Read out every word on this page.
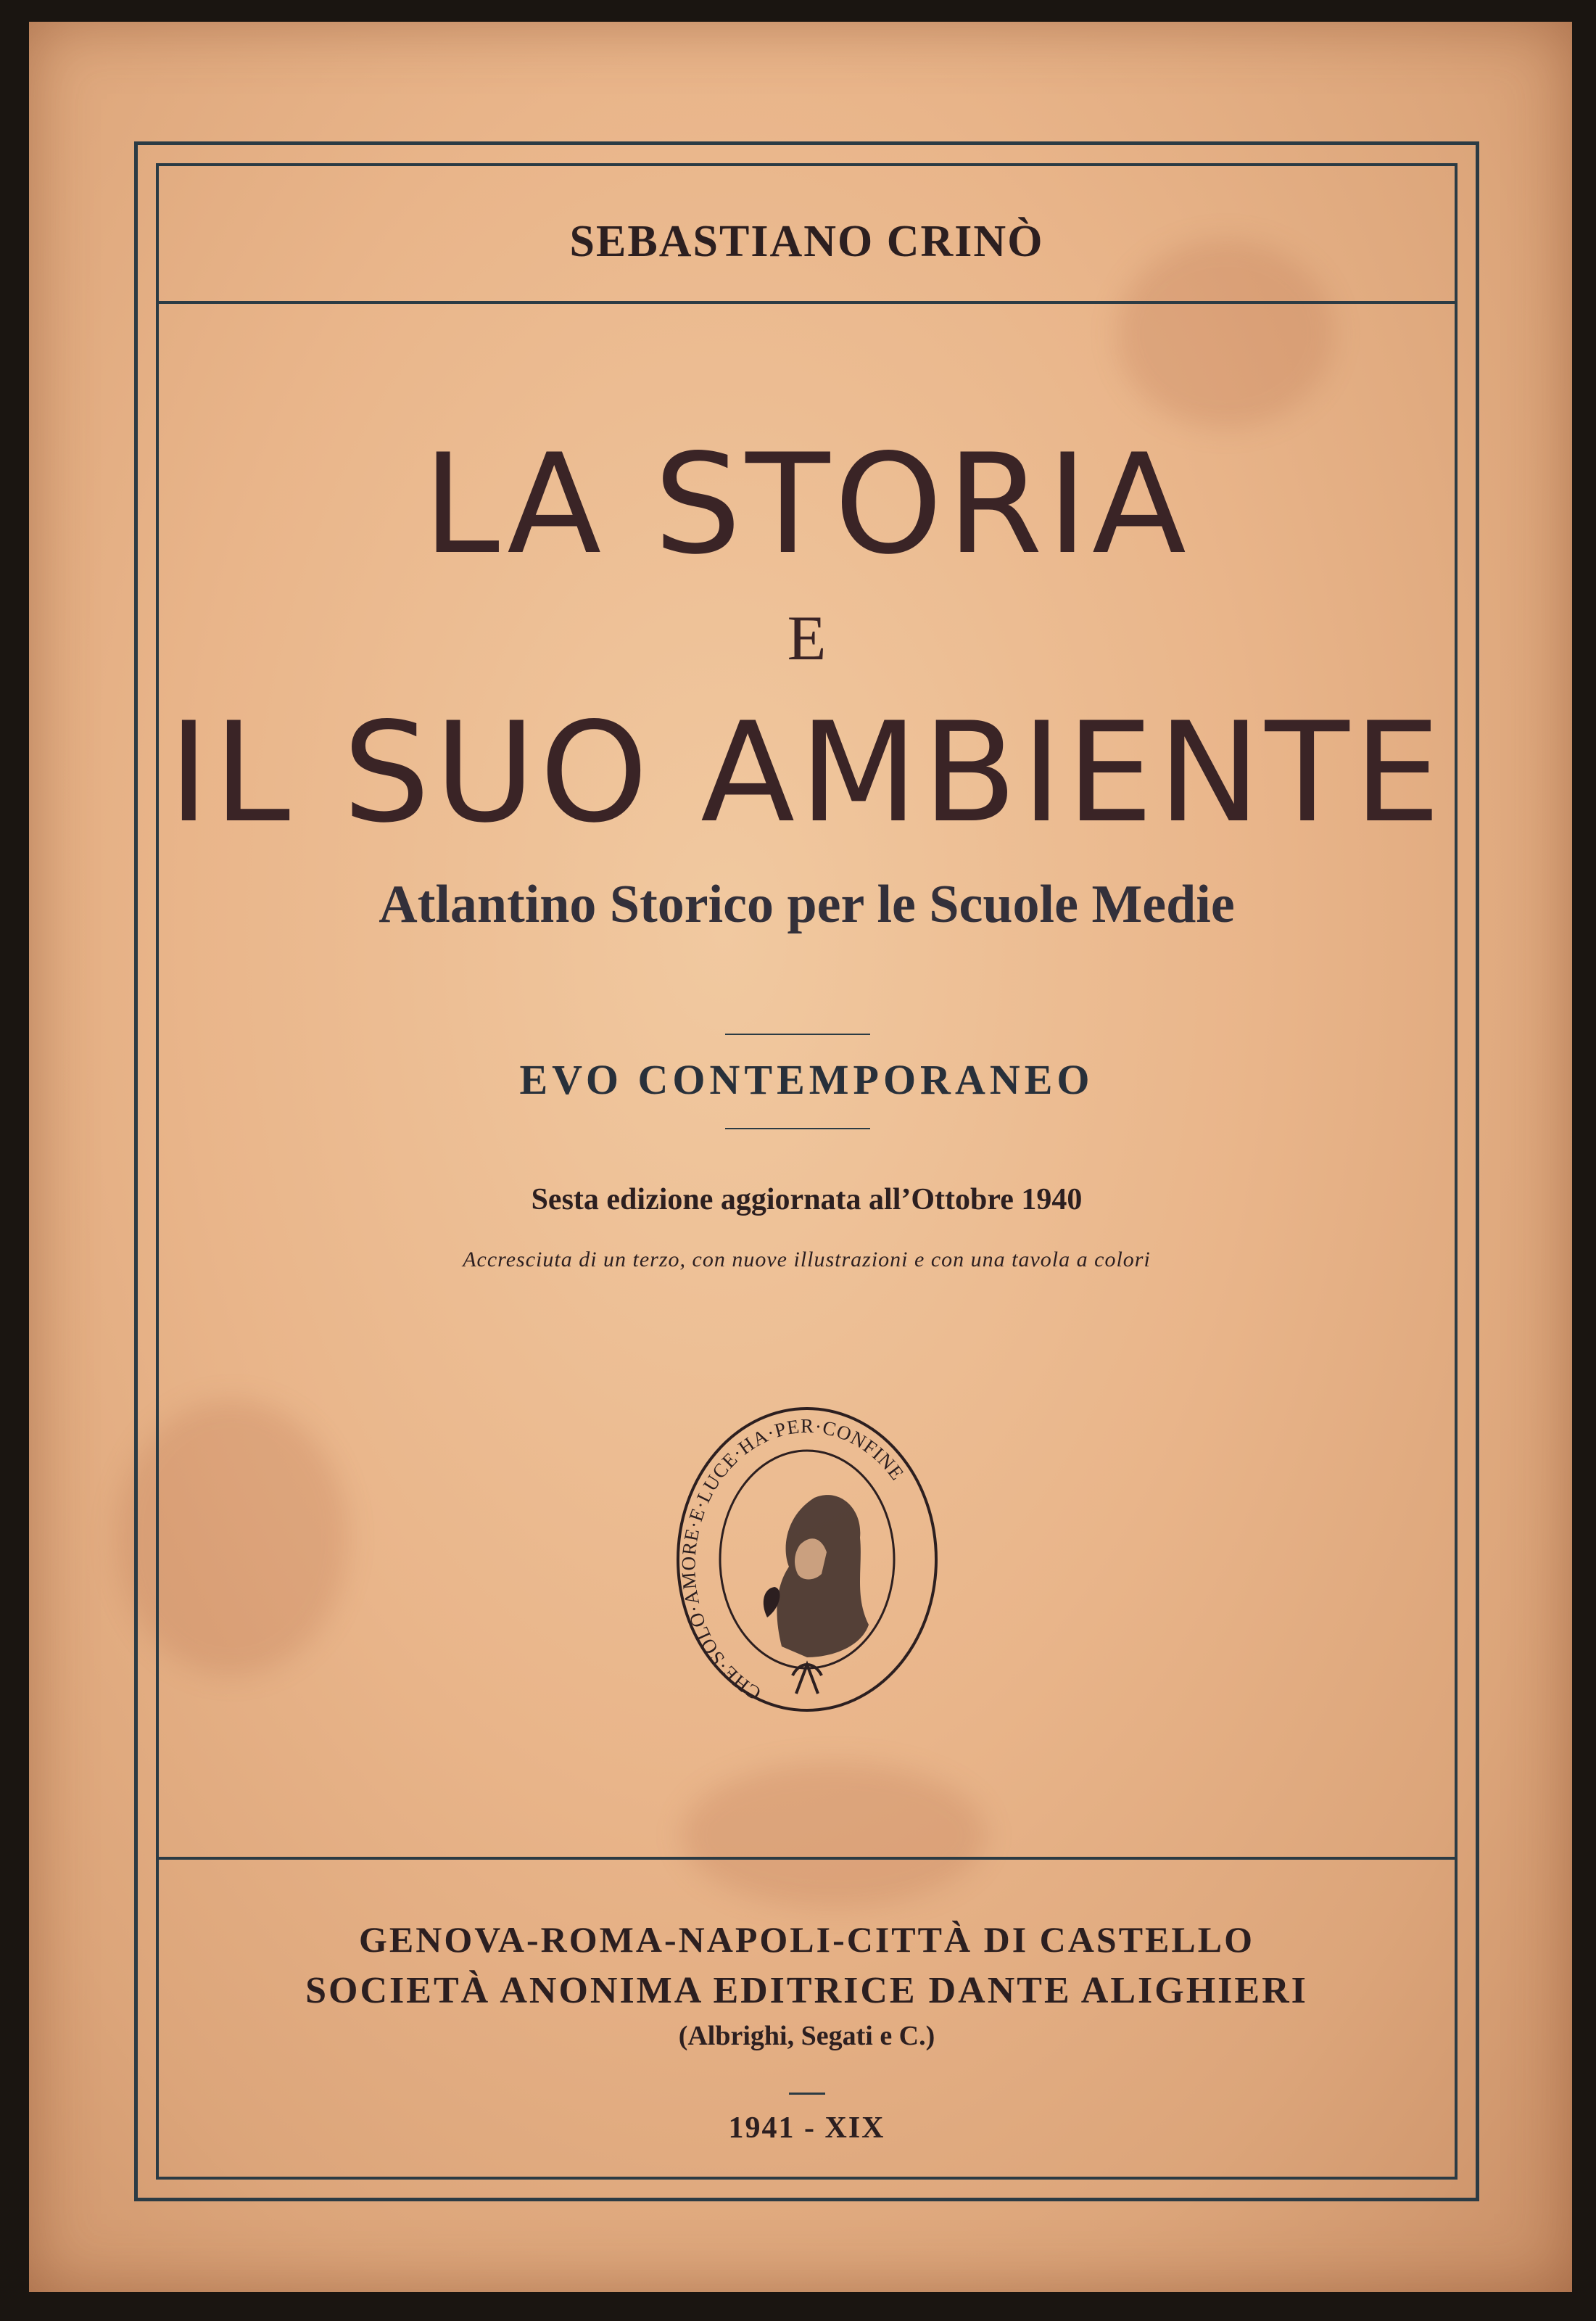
SEBASTIANO CRINÒ
LA STORIA
E
IL SUO AMBIENTE
Atlantino Storico per le Scuole Medie
EVO CONTEMPORANEO
Sesta edizione aggiornata all’Ottobre 1940
Accresciuta di un terzo, con nuove illustrazioni e con una tavola a colori
CHE·SOLO·AMORE·E·LUCE·HA·PER·CONFINE
GENOVA-ROMA-NAPOLI-CITTÀ DI CASTELLO
SOCIETÀ ANONIMA EDITRICE DANTE ALIGHIERI
(Albrighi, Segati e C.)
1941 - XIX
